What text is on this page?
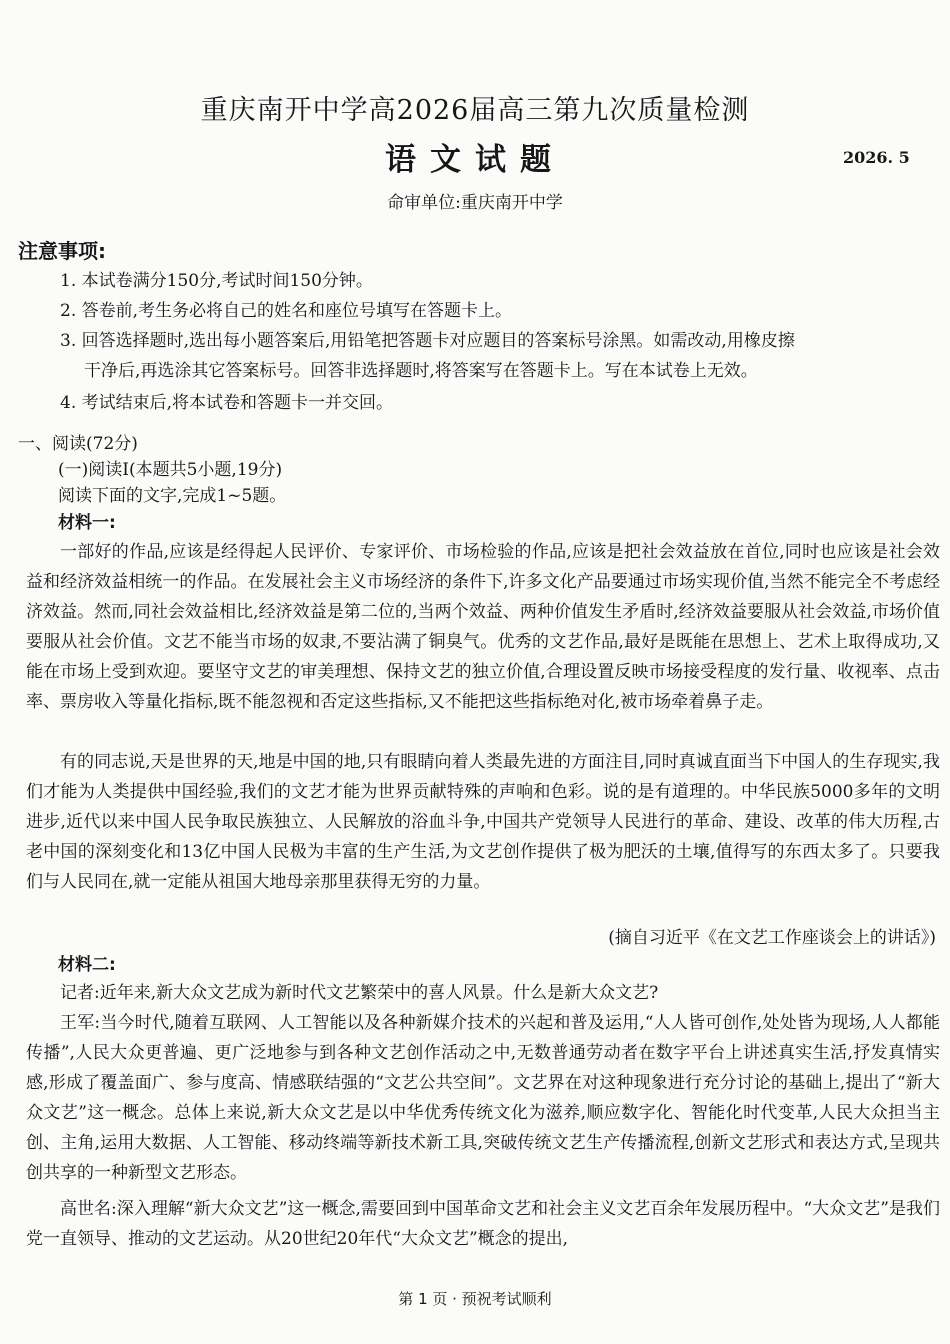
重庆南开中学高2026届高三第九次质量检测
语文试题	2026. 5
命审单位:重庆南开中学
注意事项:
1. 本试卷满分150分,考试时间150分钟。
2. 答卷前,考生务必将自己的姓名和座位号填写在答题卡上。
3. 回答选择题时,选出每小题答案后,用铅笔把答题卡对应题目的答案标号涂黑。如需改动,用橡皮擦
干净后,再选涂其它答案标号。回答非选择题时,将答案写在答题卡上。写在本试卷上无效。
4. 考试结束后,将本试卷和答题卡一并交回。
一、阅读(72分)
(一)阅读Ⅰ(本题共5小题,19分)
阅读下面的文字,完成1~5题。
材料一:
一部好的作品,应该是经得起人民评价、专家评价、市场检验的作品,应该是把社会效益放在首位,同时也应该是社会效益和经济效益相统一的作品。在发展社会主义市场经济的条件下,许多文化产品要通过市场实现价值,当然不能完全不考虑经济效益。然而,同社会效益相比,经济效益是第二位的,当两个效益、两种价值发生矛盾时,经济效益要服从社会效益,市场价值要服从社会价值。文艺不能当市场的奴隶,不要沾满了铜臭气。优秀的文艺作品,最好是既能在思想上、艺术上取得成功,又能在市场上受到欢迎。要坚守文艺的审美理想、保持文艺的独立价值,合理设置反映市场接受程度的发行量、收视率、点击率、票房收入等量化指标,既不能忽视和否定这些指标,又不能把这些指标绝对化,被市场牵着鼻子走。
有的同志说,天是世界的天,地是中国的地,只有眼睛向着人类最先进的方面注目,同时真诚直面当下中国人的生存现实,我们才能为人类提供中国经验,我们的文艺才能为世界贡献特殊的声响和色彩。说的是有道理的。中华民族5000多年的文明进步,近代以来中国人民争取民族独立、人民解放的浴血斗争,中国共产党领导人民进行的革命、建设、改革的伟大历程,古老中国的深刻变化和13亿中国人民极为丰富的生产生活,为文艺创作提供了极为肥沃的土壤,值得写的东西太多了。只要我们与人民同在,就一定能从祖国大地母亲那里获得无穷的力量。
(摘自习近平《在文艺工作座谈会上的讲话》)
材料二:
记者:近年来,新大众文艺成为新时代文艺繁荣中的喜人风景。什么是新大众文艺?
王军:当今时代,随着互联网、人工智能以及各种新媒介技术的兴起和普及运用,“人人皆可创作,处处皆为现场,人人都能传播”,人民大众更普遍、更广泛地参与到各种文艺创作活动之中,无数普通劳动者在数字平台上讲述真实生活,抒发真情实感,形成了覆盖面广、参与度高、情感联结强的“文艺公共空间”。文艺界在对这种现象进行充分讨论的基础上,提出了“新大众文艺”这一概念。总体上来说,新大众文艺是以中华优秀传统文化为滋养,顺应数字化、智能化时代变革,人民大众担当主创、主角,运用大数据、人工智能、移动终端等新技术新工具,突破传统文艺生产传播流程,创新文艺形式和表达方式,呈现共创共享的一种新型文艺形态。
高世名:深入理解“新大众文艺”这一概念,需要回到中国革命文艺和社会主义文艺百余年发展历程中。“大众文艺”是我们党一直领导、推动的文艺运动。从20世纪20年代“大众文艺”概念的提出,
第 1 页 · 预祝考试顺利
